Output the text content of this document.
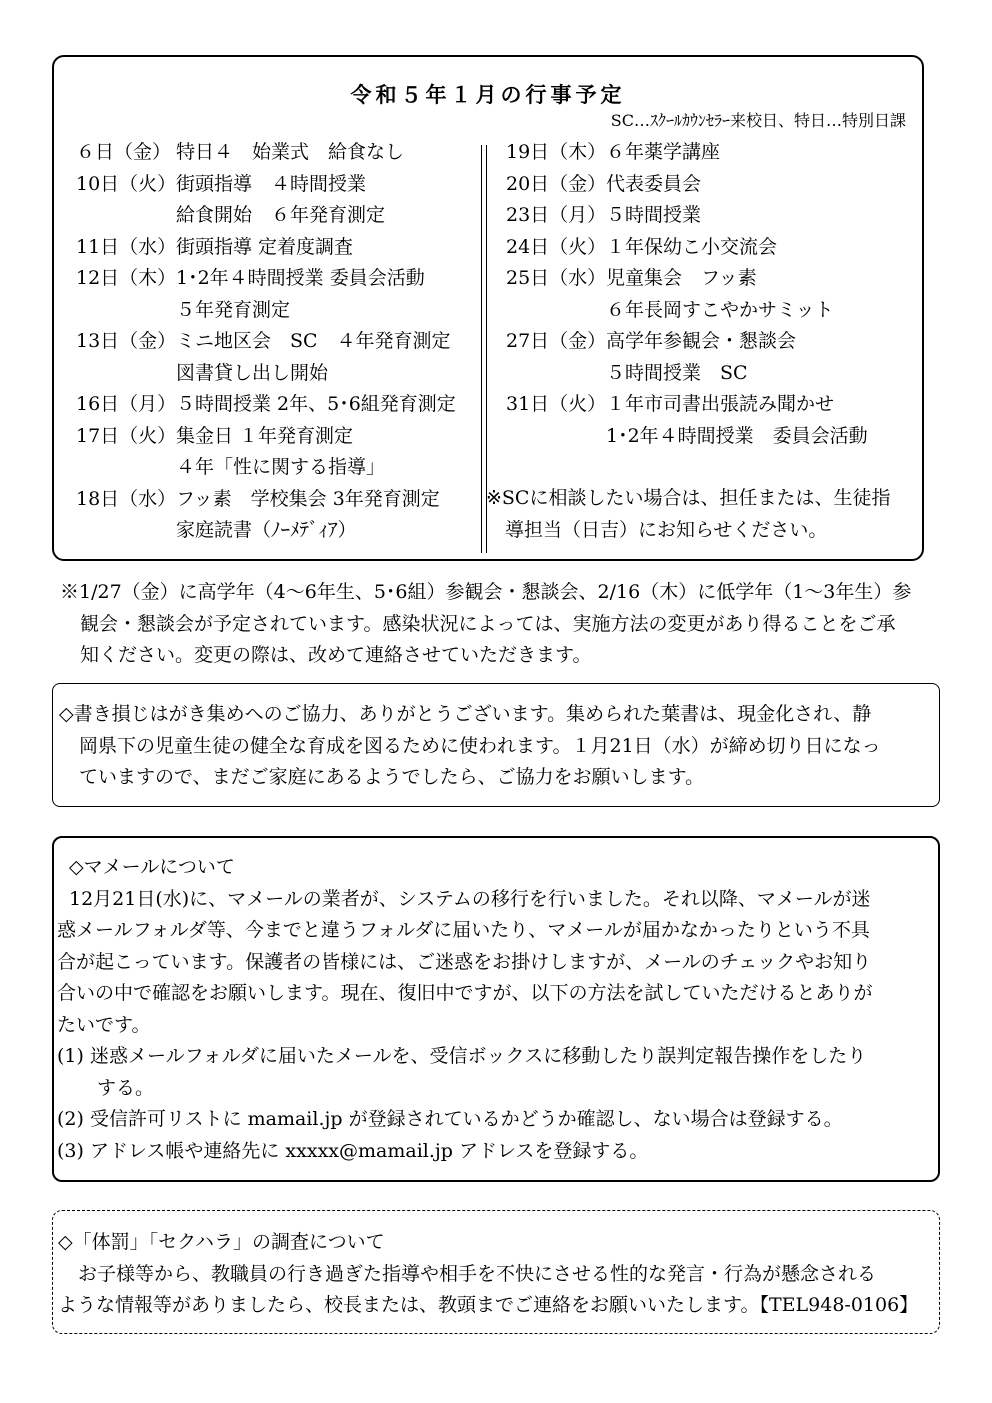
令和５年１月の行事予定
SC…ｽｸｰﾙｶｳﾝｾﾗｰ来校日、特日…特別日課
６日（金） 特日４　始業式　給食なし
10日（火） 街頭指導　４時間授業
給食開始　６年発育測定
11日（水） 街頭指導 定着度調査
12日（木） 1･2年４時間授業 委員会活動
５年発育測定
13日（金） ミニ地区会　SC　４年発育測定
図書貸し出し開始
16日（月） ５時間授業 2年、5･6組発育測定
17日（火） 集金日 １年発育測定
４年「性に関する指導」
18日（水） フッ素　学校集会 3年発育測定
家庭読書（ﾉｰﾒﾃﾞｨｱ）
19日（木） ６年薬学講座
20日（金） 代表委員会
23日（月） ５時間授業
24日（火） １年保幼こ小交流会
25日（水） 児童集会　フッ素
６年長岡すこやかサミット
27日（金） 高学年参観会・懇談会
５時間授業　SC
31日（火） １年市司書出張読み聞かせ
1･2年４時間授業　委員会活動
※SCに相談したい場合は、担任または、生徒指
導担当（日吉）にお知らせください。
※1/27（金）に高学年（4～6年生、5･6組）参観会・懇談会、2/16（木）に低学年（1～3年生）参
観会・懇談会が予定されています。感染状況によっては、実施方法の変更があり得ることをご承
知ください。変更の際は、改めて連絡させていただきます。
◇書き損じはがき集めへのご協力、ありがとうございます。集められた葉書は、現金化され、静
岡県下の児童生徒の健全な育成を図るために使われます。１月21日（水）が締め切り日になっ
ていますので、まだご家庭にあるようでしたら、ご協力をお願いします。
◇マメールについて
12月21日(水)に、マメールの業者が、システムの移行を行いました。それ以降、マメールが迷
惑メールフォルダ等、今までと違うフォルダに届いたり、マメールが届かなかったりという不具
合が起こっています。保護者の皆様には、ご迷惑をお掛けしますが、メールのチェックやお知り
合いの中で確認をお願いします。現在、復旧中ですが、以下の方法を試していただけるとありが
たいです。
(1) 迷惑メールフォルダに届いたメールを、受信ボックスに移動したり誤判定報告操作をしたり
する。
(2) 受信許可リストに mamail.jp が登録されているかどうか確認し、ない場合は登録する。
(3) アドレス帳や連絡先に xxxxx@mamail.jp アドレスを登録する。
◇「体罰」「セクハラ」の調査について
お子様等から、教職員の行き過ぎた指導や相手を不快にさせる性的な発言・行為が懸念される
ような情報等がありましたら、校長または、教頭までご連絡をお願いいたします。【TEL948-0106】
